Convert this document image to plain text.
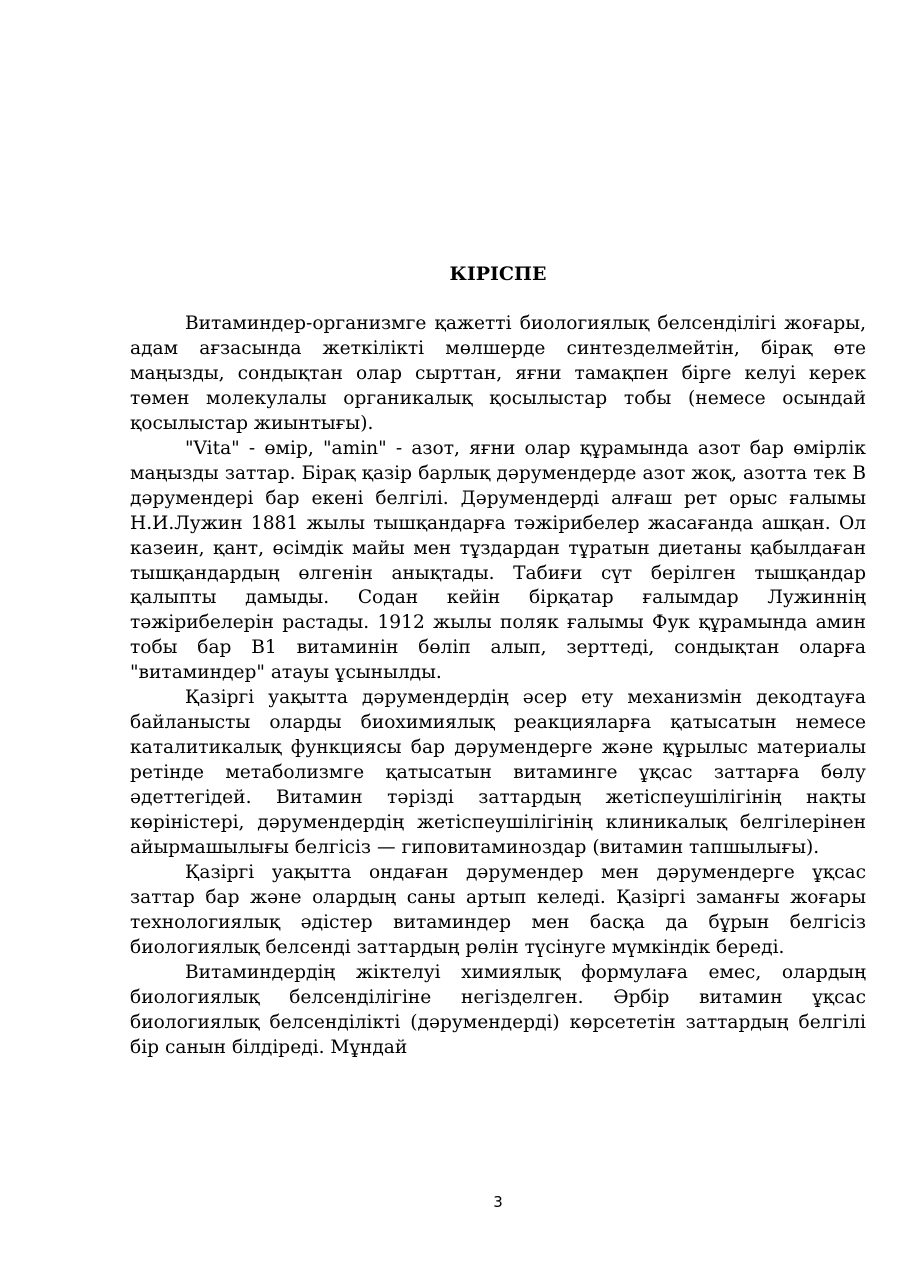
КІРІСПЕ

Витаминдер-организмге қажетті биологиялық белсенділігі жоғары, адам ағзасында жеткілікті мөлшерде синтезделмейтін, бірақ өте маңызды, сондықтан олар сырттан, яғни тамақпен бірге келуі керек төмен молекулалы органикалық қосылыстар тобы (немесе осындай қосылыстар жиынтығы).

"Vita" - өмір, "amin" - азот, яғни олар құрамында азот бар өмірлік маңызды заттар. Бірақ қазір барлық дәрумендерде азот жоқ, азотта тек В дәрумендері бар екені белгілі. Дәрумендерді алғаш рет орыс ғалымы Н.И.Лужин 1881 жылы тышқандарға тәжірибелер жасағанда ашқан. Ол казеин, қант, өсімдік майы мен тұздардан тұратын диетаны қабылдаған тышқандардың өлгенін анықтады. Табиғи сүт берілген тышқандар қалыпты дамыды. Содан кейін бірқатар ғалымдар Лужиннің тәжірибелерін растады. 1912 жылы поляк ғалымы Фук құрамында амин тобы бар В1 витаминін бөліп алып, зерттеді, сондықтан оларға "витаминдер" атауы ұсынылды.

Қазіргі уақытта дәрумендердің әсер ету механизмін декодтауға байланысты оларды биохимиялық реакцияларға қатысатын немесе каталитикалық функциясы бар дәрумендерге және құрылыс материалы ретінде метаболизмге қатысатын витаминге ұқсас заттарға бөлу әдеттегідей. Витамин тәрізді заттардың жетіспеушілігінің нақты көріністері, дәрумендердің жетіспеушілігінің клиникалық белгілерінен айырмашылығы белгісіз — гиповитаминоздар (витамин тапшылығы).

Қазіргі уақытта ондаған дәрумендер мен дәрумендерге ұқсас заттар бар және олардың саны артып келеді. Қазіргі заманғы жоғары технологиялық әдістер витаминдер мен басқа да бұрын белгісіз биологиялық белсенді заттардың рөлін түсінуге мүмкіндік береді.

Витаминдердің жіктелуі химиялық формулаға емес, олардың биологиялық белсенділігіне негізделген. Әрбір витамин ұқсас биологиялық белсенділікті (дәрумендерді) көрсететін заттардың белгілі бір санын білдіреді. Мұндай

3
